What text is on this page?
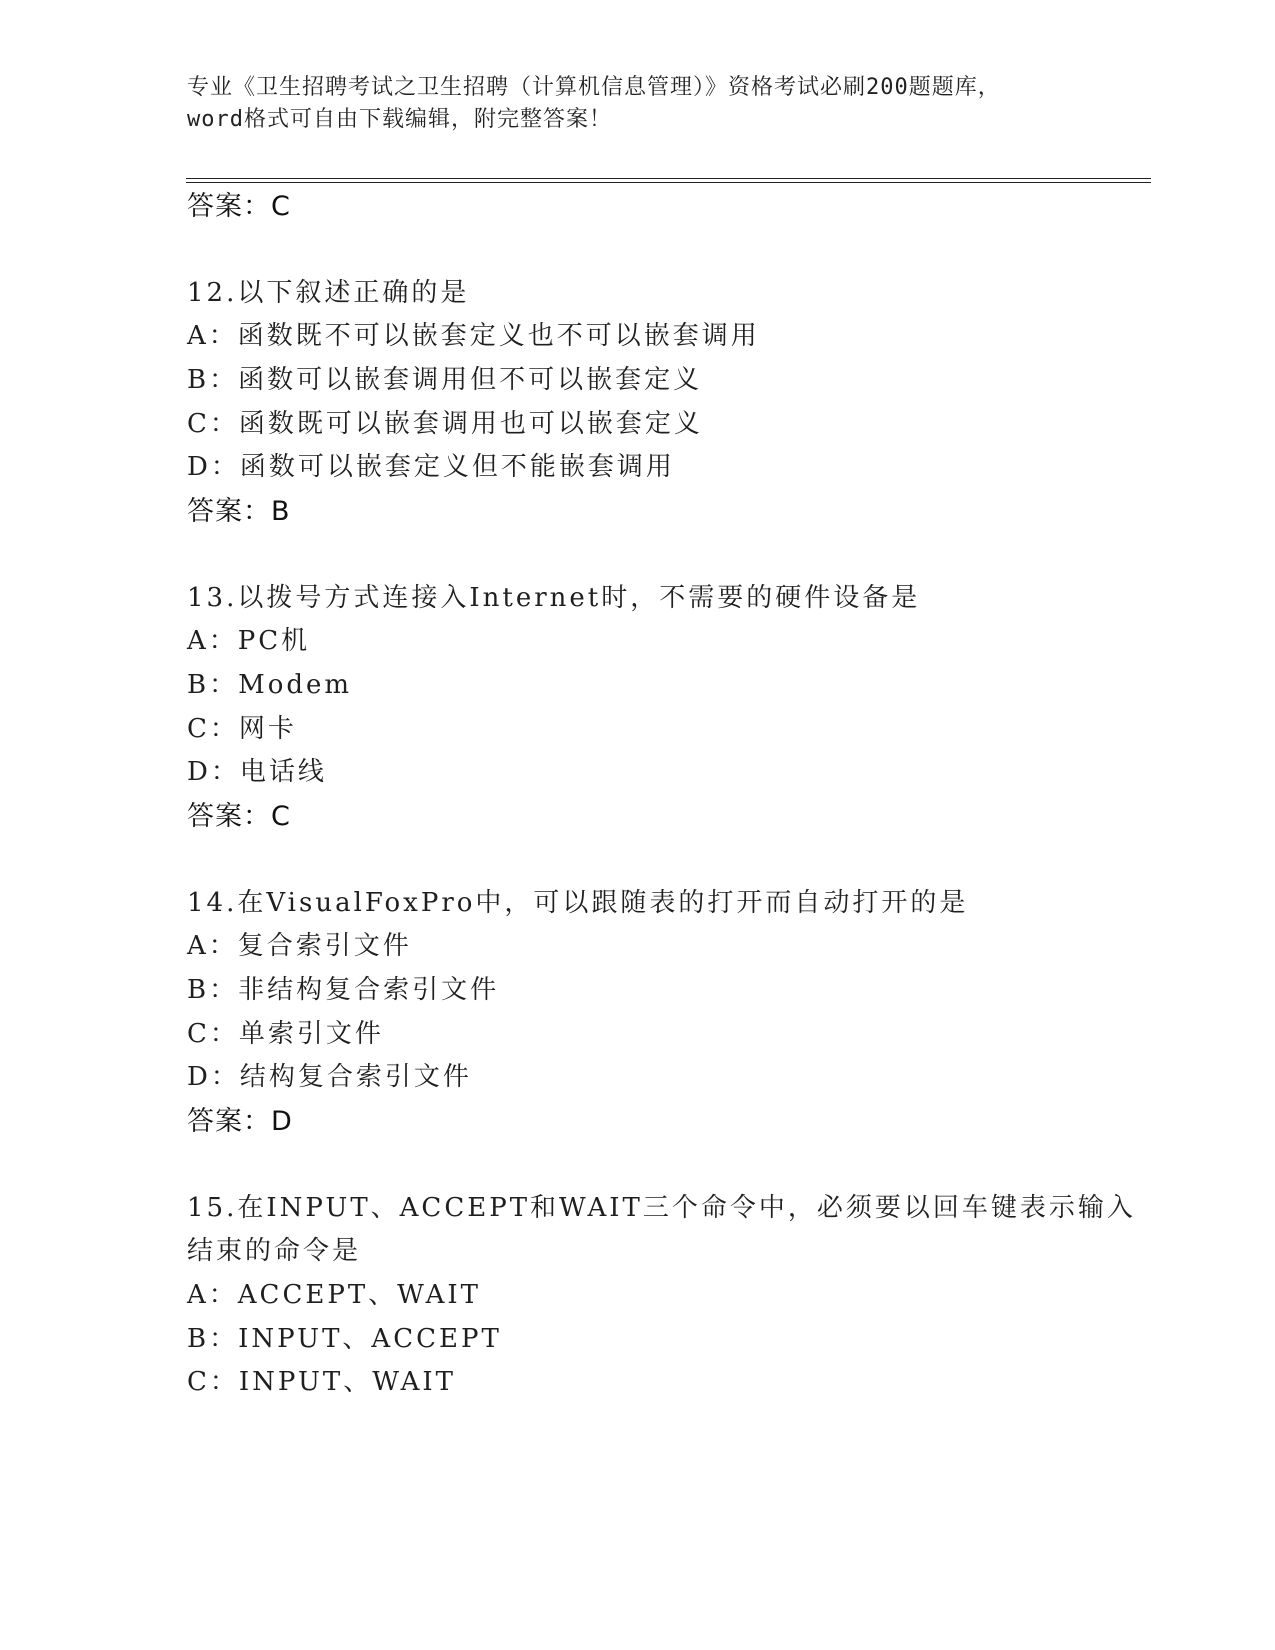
专业《卫生招聘考试之卫生招聘（计算机信息管理）》资格考试必刷200题题库，
word格式可自由下载编辑，附完整答案！
答案：C
12.以下叙述正确的是
A：函数既不可以嵌套定义也不可以嵌套调用
B：函数可以嵌套调用但不可以嵌套定义
C：函数既可以嵌套调用也可以嵌套定义
D：函数可以嵌套定义但不能嵌套调用
答案：B
13.以拨号方式连接入Internet时，不需要的硬件设备是
A：PC机
B：Modem
C：网卡
D：电话线
答案：C
14.在VisualFoxPro中，可以跟随表的打开而自动打开的是
A：复合索引文件
B：非结构复合索引文件
C：单索引文件
D：结构复合索引文件
答案：D
15.在INPUT、ACCEPT和WAIT三个命令中，必须要以回车键表示输入
结束的命令是
A：ACCEPT、WAIT
B：INPUT、ACCEPT
C：INPUT、WAIT
